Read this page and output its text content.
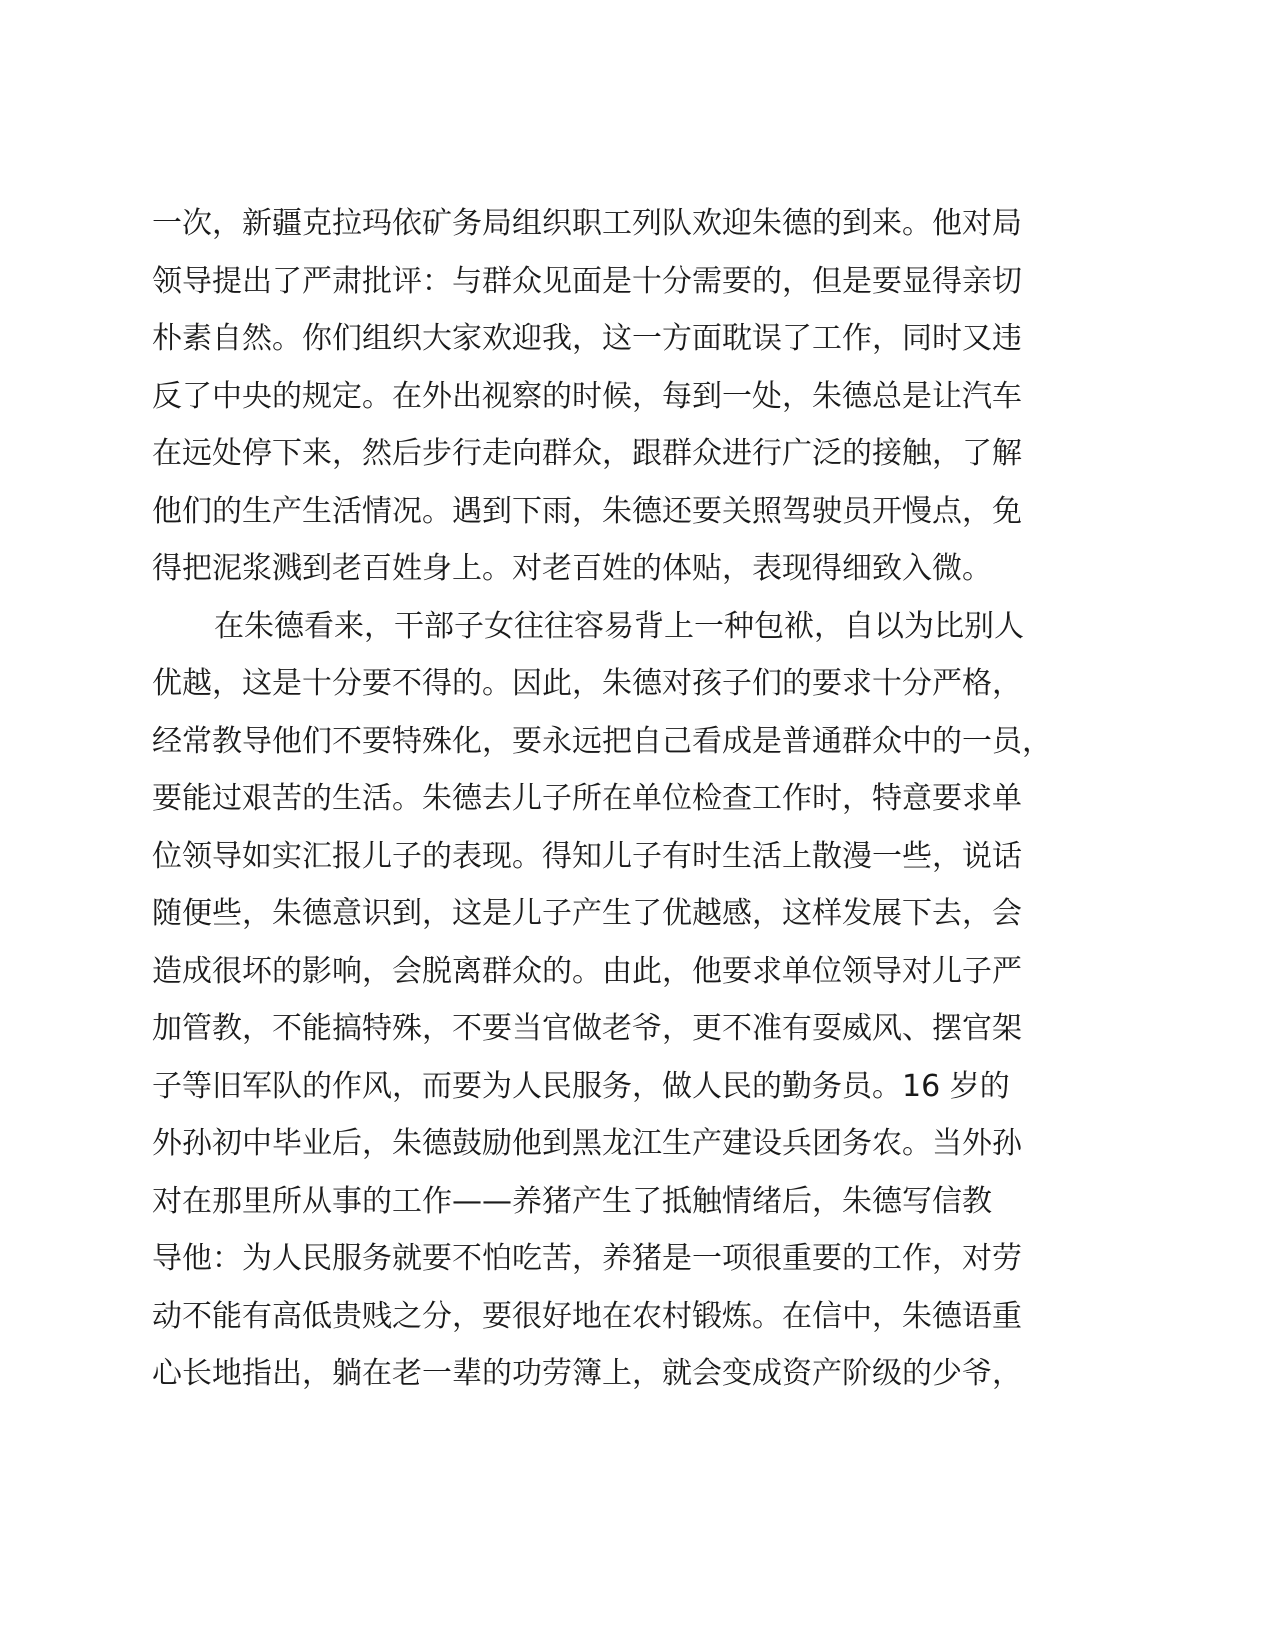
一次，新疆克拉玛依矿务局组织职工列队欢迎朱德的到来。他对局
领导提出了严肃批评：与群众见面是十分需要的，但是要显得亲切
朴素自然。你们组织大家欢迎我，这一方面耽误了工作，同时又违
反了中央的规定。在外出视察的时候，每到一处，朱德总是让汽车
在远处停下来，然后步行走向群众，跟群众进行广泛的接触，了解
他们的生产生活情况。遇到下雨，朱德还要关照驾驶员开慢点，免
得把泥浆溅到老百姓身上。对老百姓的体贴，表现得细致入微。
在朱德看来，干部子女往往容易背上一种包袱，自以为比别人
优越，这是十分要不得的。因此，朱德对孩子们的要求十分严格，
经常教导他们不要特殊化，要永远把自己看成是普通群众中的一员，
要能过艰苦的生活。朱德去儿子所在单位检查工作时，特意要求单
位领导如实汇报儿子的表现。得知儿子有时生活上散漫一些，说话
随便些，朱德意识到，这是儿子产生了优越感，这样发展下去，会
造成很坏的影响，会脱离群众的。由此，他要求单位领导对儿子严
加管教，不能搞特殊，不要当官做老爷，更不准有耍威风、摆官架
子等旧军队的作风，而要为人民服务，做人民的勤务员。16 岁的
外孙初中毕业后，朱德鼓励他到黑龙江生产建设兵团务农。当外孙
对在那里所从事的工作——养猪产生了抵触情绪后，朱德写信教
导他：为人民服务就要不怕吃苦，养猪是一项很重要的工作，对劳
动不能有高低贵贱之分，要很好地在农村锻炼。在信中，朱德语重
心长地指出，躺在老一辈的功劳簿上，就会变成资产阶级的少爷，
